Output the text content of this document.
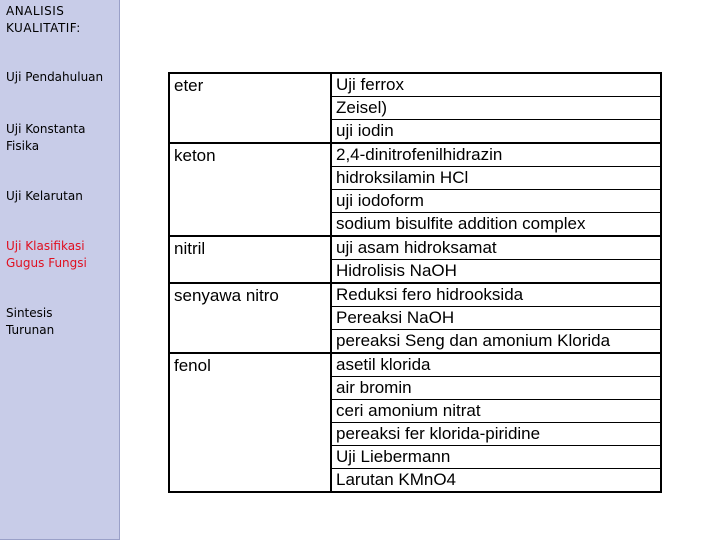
ANALISIS
KUALITATIF:
Uji Pendahuluan
Uji Konstanta
Fisika
Uji Kelarutan
Uji Klasifikasi
Gugus Fungsi
Sintesis
Turunan
eter	Uji ferrox
	Zeisel)
	uji iodin
keton	2,4-dinitrofenilhidrazin
	hidroksilamin HCl
	uji iodoform
	sodium bisulfite addition complex
nitril	uji asam hidroksamat
	Hidrolisis NaOH
senyawa nitro	Reduksi fero hidrooksida
	Pereaksi NaOH
	pereaksi Seng dan amonium Klorida
fenol	asetil klorida
	air bromin
	ceri amonium nitrat
	pereaksi fer klorida-piridine
	Uji Liebermann
	Larutan KMnO4
